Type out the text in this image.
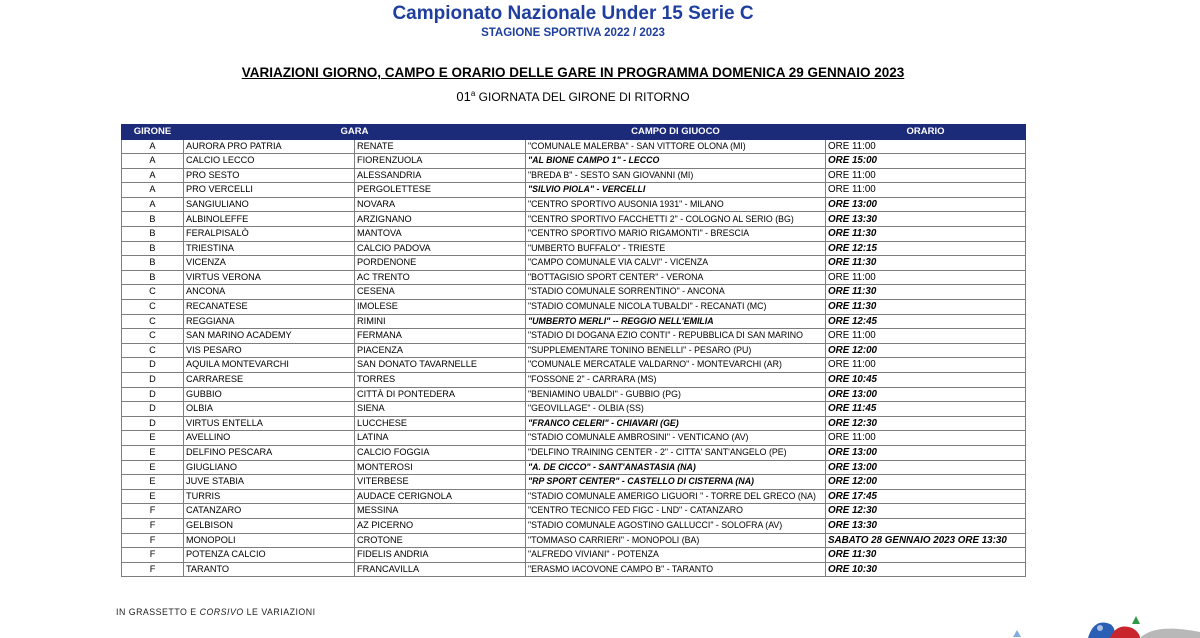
Campionato Nazionale Under 15 Serie C
STAGIONE SPORTIVA 2022 / 2023
VARIAZIONI GIORNO, CAMPO E ORARIO DELLE GARE IN PROGRAMMA DOMENICA 29 GENNAIO 2023
01$^a$ GIORNATA DEL GIRONE DI RITORNO
GIRONE	GARA		CAMPO DI GIUOCO	ORARIO
A	AURORA PRO PATRIA	RENATE	"COMUNALE MALERBA" - SAN VITTORE OLONA (MI)	ORE 11:00
A	CALCIO LECCO	FIORENZUOLA	"AL BIONE CAMPO 1" - LECCO	ORE 15:00
A	PRO SESTO	ALESSANDRIA	"BREDA B" - SESTO SAN GIOVANNI (MI)	ORE 11:00
A	PRO VERCELLI	PERGOLETTESE	"SILVIO PIOLA" - VERCELLI	ORE 11:00
A	SANGIULIANO	NOVARA	"CENTRO SPORTIVO AUSONIA 1931" - MILANO	ORE 13:00
B	ALBINOLEFFE	ARZIGNANO	"CENTRO SPORTIVO FACCHETTI 2" - COLOGNO AL SERIO (BG)	ORE 13:30
B	FERALPISALÒ	MANTOVA	"CENTRO SPORTIVO MARIO RIGAMONTI" - BRESCIA	ORE 11:30
B	TRIESTINA	CALCIO PADOVA	"UMBERTO BUFFALO" - TRIESTE	ORE 12:15
B	VICENZA	PORDENONE	"CAMPO COMUNALE VIA CALVI" - VICENZA	ORE 11:30
B	VIRTUS VERONA	AC TRENTO	"BOTTAGISIO SPORT CENTER" - VERONA	ORE 11:00
C	ANCONA	CESENA	"STADIO COMUNALE SORRENTINO" - ANCONA	ORE 11:30
C	RECANATESE	IMOLESE	"STADIO COMUNALE NICOLA TUBALDI" - RECANATI (MC)	ORE 11:30
C	REGGIANA	RIMINI	"UMBERTO MERLI" -- REGGIO NELL'EMILIA	ORE 12:45
C	SAN MARINO ACADEMY	FERMANA	"STADIO DI DOGANA EZIO CONTI" - REPUBBLICA DI SAN MARINO	ORE 11:00
C	VIS PESARO	PIACENZA	"SUPPLEMENTARE TONINO BENELLI" - PESARO (PU)	ORE 12:00
D	AQUILA MONTEVARCHI	SAN DONATO TAVARNELLE	"COMUNALE MERCATALE VALDARNO" - MONTEVARCHI (AR)	ORE 11:00
D	CARRARESE	TORRES	"FOSSONE 2" - CARRARA (MS)	ORE 10:45
D	GUBBIO	CITTÀ DI PONTEDERA	"BENIAMINO UBALDI" - GUBBIO (PG)	ORE 13:00
D	OLBIA	SIENA	"GEOVILLAGE" - OLBIA (SS)	ORE 11:45
D	VIRTUS ENTELLA	LUCCHESE	"FRANCO CELERI" - CHIAVARI (GE)	ORE 12:30
E	AVELLINO	LATINA	"STADIO COMUNALE AMBROSINI" - VENTICANO (AV)	ORE 11:00
E	DELFINO PESCARA	CALCIO FOGGIA	"DELFINO TRAINING CENTER - 2" - CITTA' SANT'ANGELO (PE)	ORE 13:00
E	GIUGLIANO	MONTEROSI	"A. DE CICCO" - SANT'ANASTASIA (NA)	ORE 13:00
E	JUVE STABIA	VITERBESE	"RP SPORT CENTER" - CASTELLO DI CISTERNA (NA)	ORE 12:00
E	TURRIS	AUDACE CERIGNOLA	"STADIO COMUNALE AMERIGO LIGUORI " - TORRE DEL GRECO (NA)	ORE 17:45
F	CATANZARO	MESSINA	"CENTRO TECNICO FED FIGC - LND" - CATANZARO	ORE 12:30
F	GELBISON	AZ PICERNO	"STADIO COMUNALE AGOSTINO GALLUCCI" - SOLOFRA (AV)	ORE 13:30
F	MONOPOLI	CROTONE	"TOMMASO CARRIERI" - MONOPOLI (BA)	SABATO 28 GENNAIO 2023 ORE 13:30
F	POTENZA CALCIO	FIDELIS ANDRIA	"ALFREDO VIVIANI" - POTENZA	ORE 11:30
F	TARANTO	FRANCAVILLA	"ERASMO IACOVONE CAMPO B" - TARANTO	ORE 10:30
IN GRASSETTO E CORSIVO LE VARIAZIONI
